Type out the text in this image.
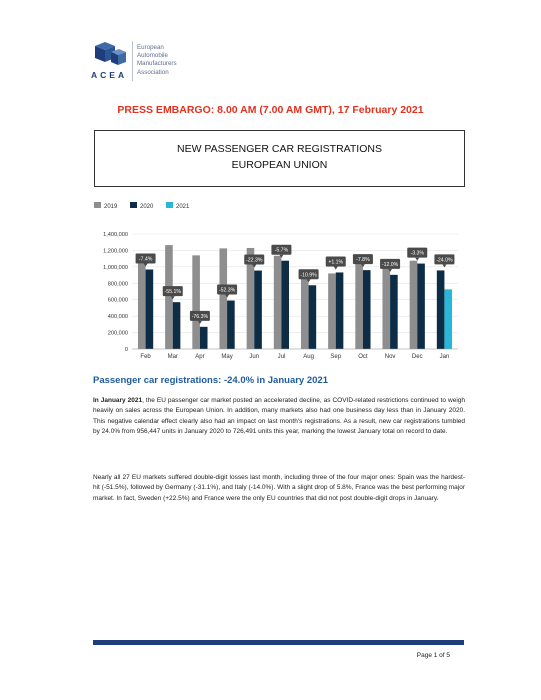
ACEA
European
Automobile
Manufacturers
Association
PRESS EMBARGO: 8.00 AM (7.00 AM GMT), 17 February 2021
NEW PASSENGER CAR REGISTRATIONS
EUROPEAN UNION
2019	2020	2021
0
200,000
400,000
600,000
800,000
1,000,000
1,200,000
1,400,000
Feb
-7.4%
Mar
-55.1%
Apr
-76.3%
May
-52.3%
Jun
-22.3%
Jul
-5.7%
Aug
-10.9%
Sep
+1.1%
Oct
-7.8%
Nov
-12.0%
Dec
-3.3%
Jan
-24.0%
Passenger car registrations: -24.0% in January 2021

In January 2021, the EU passenger car market posted an accelerated decline, as COVID-related restrictions continued to weigh heavily on sales across the European Union. In addition, many markets also had one business day less than in January 2020. This negative calendar effect clearly also had an impact on last month's registrations. As a result, new car registrations tumbled by 24.0% from 956,447 units in January 2020 to 726,491 units this year, marking the lowest January total on record to date.

Nearly all 27 EU markets suffered double-digit losses last month, including three of the four major ones: Spain was the hardest-hit (-51.5%), followed by Germany (-31.1%), and Italy (-14.0%). With a slight drop of 5.8%, France was the best performing major market. In fact, Sweden (+22.5%) and France were the only EU countries that did not post double-digit drops in January.

Page 1 of 5
